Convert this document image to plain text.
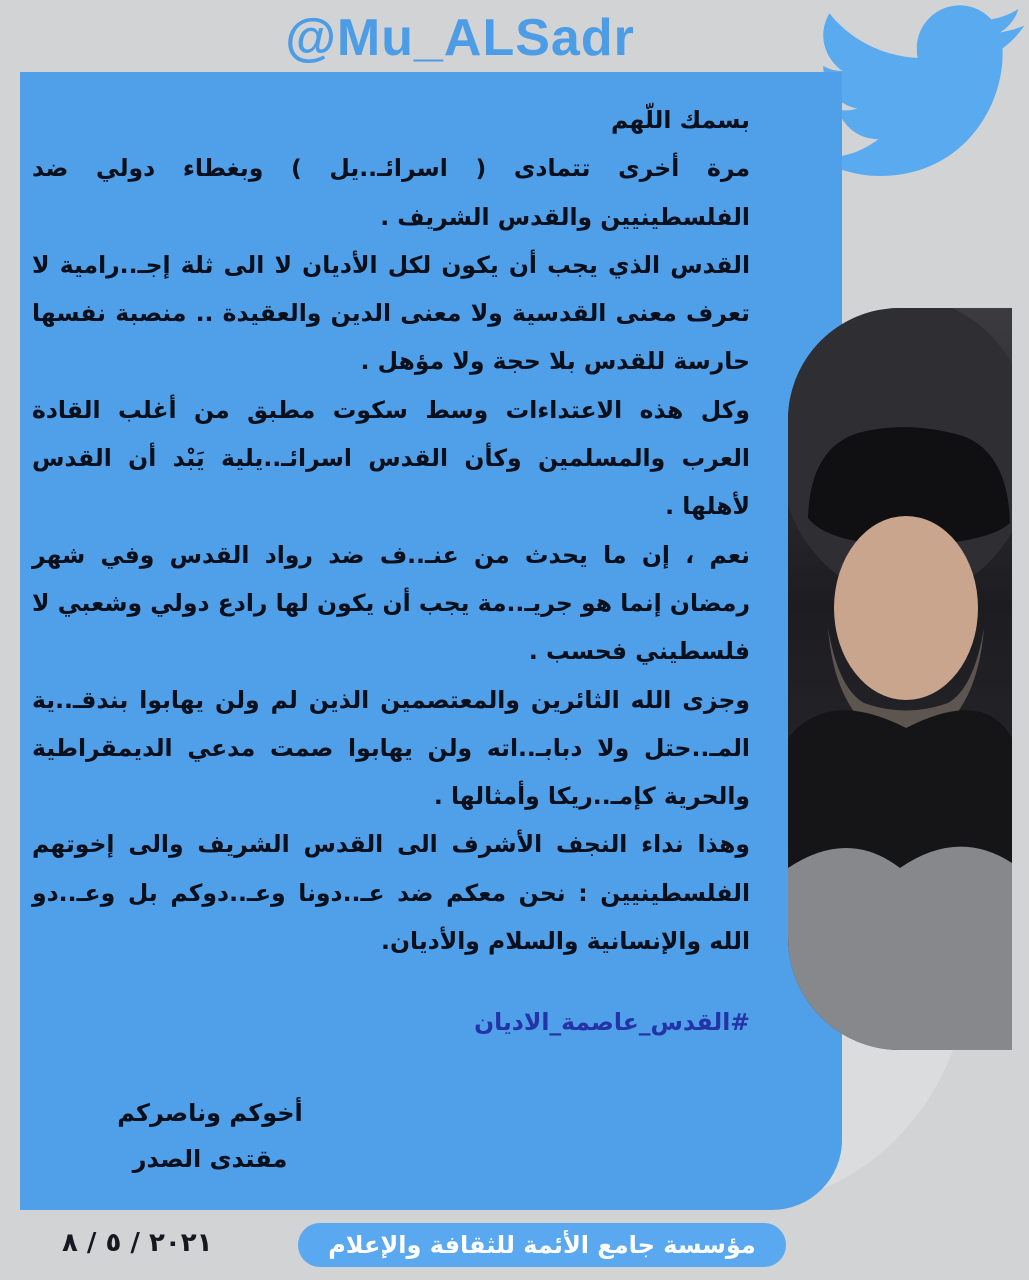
@Mu_ALSadr

بسمك اللّهم

مرة أخرى تتمادى ( اسرائـ..يل ) وبغطاء دولي ضد الفلسطينيين والقدس الشريف .

القدس الذي يجب أن يكون لكل الأديان لا الى ثلة إجـ..رامية لا تعرف معنى القدسية ولا معنى الدين والعقيدة .. منصبة نفسها حارسة للقدس بلا حجة ولا مؤهل .

وكل هذه الاعتداءات وسط سكوت مطبق من أغلب القادة العرب والمسلمين وكأن القدس اسرائـ..يلية يَبْد أن القدس لأهلها .

نعم ، إن ما يحدث من عنـ..ف ضد رواد القدس وفي شهر رمضان إنما هو جريـ..مة يجب أن يكون لها رادع دولي وشعبي لا فلسطيني فحسب .

وجزى الله الثائرين والمعتصمين الذين لم ولن يهابوا بندقـ..ية المـ..حتل ولا دبابـ..اته ولن يهابوا صمت مدعي الديمقراطية والحرية كإمـ..ريكا وأمثالها .

وهذا نداء النجف الأشرف الى القدس الشريف والى إخوتهم الفلسطينيين : نحن معكم ضد عـ..دونا وعـ..دوكم بل وعـ..دو الله والإنسانية والسلام والأديان.

#القدس_عاصمة_الاديان
أخوكم وناصركم
مقتدى الصدر
٢٠٢١ / ٥ / ٨	مؤسسة جامع الأئمة للثقافة والإعلام
